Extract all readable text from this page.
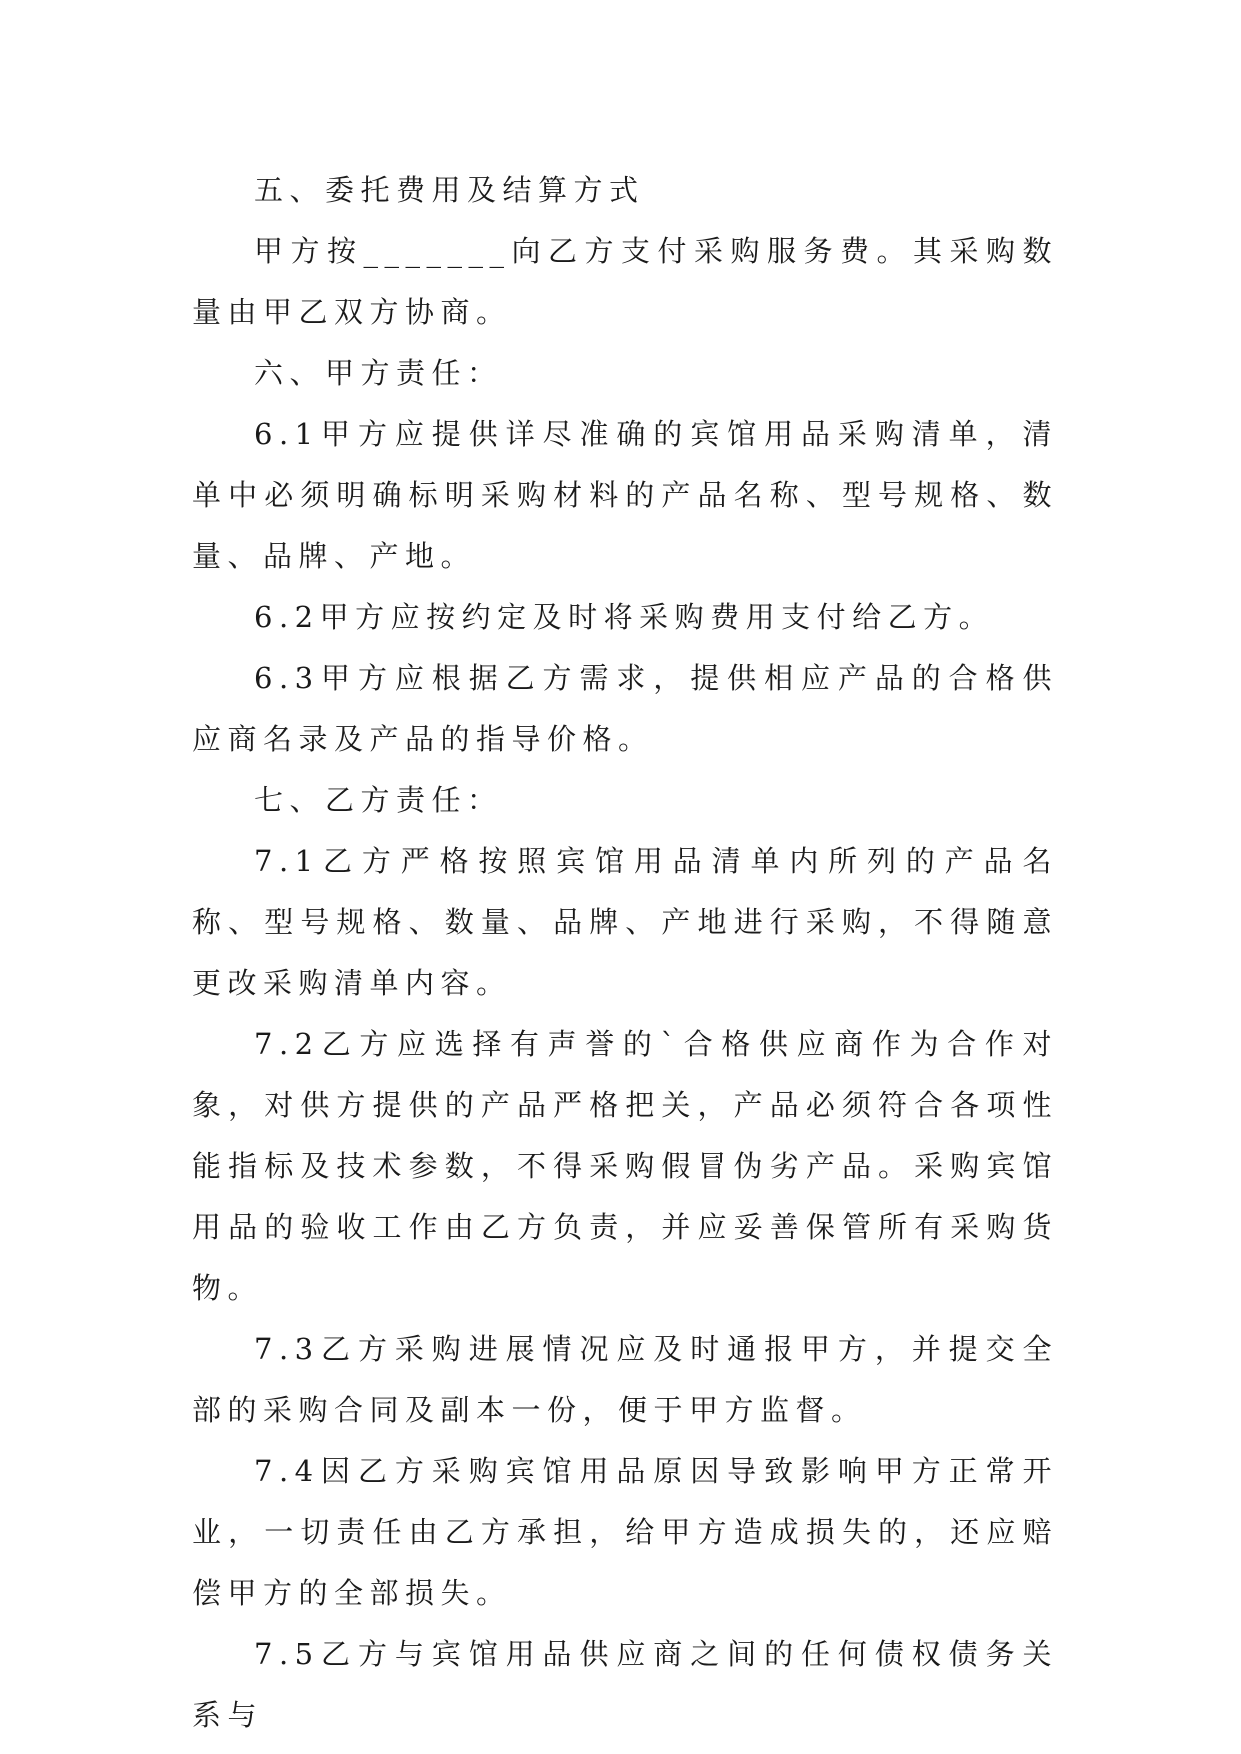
五、委托费用及结算方式

甲方按_______向乙方支付采购服务费。其采购数量由甲乙双方协商。

六、甲方责任：

6.1甲方应提供详尽准确的宾馆用品采购清单，清单中必须明确标明采购材料的产品名称、型号规格、数量、品牌、产地。

6.2甲方应按约定及时将采购费用支付给乙方。

6.3甲方应根据乙方需求，提供相应产品的合格供应商名录及产品的指导价格。

七、乙方责任：

7.1乙方严格按照宾馆用品清单内所列的产品名称、型号规格、数量、品牌、产地进行采购，不得随意更改采购清单内容。

7.2乙方应选择有声誉的`合格供应商作为合作对象，对供方提供的产品严格把关，产品必须符合各项性能指标及技术参数，不得采购假冒伪劣产品。采购宾馆用品的验收工作由乙方负责，并应妥善保管所有采购货物。

7.3乙方采购进展情况应及时通报甲方，并提交全部的采购合同及副本一份，便于甲方监督。

7.4因乙方采购宾馆用品原因导致影响甲方正常开业，一切责任由乙方承担，给甲方造成损失的，还应赔偿甲方的全部损失。

7.5乙方与宾馆用品供应商之间的任何债权债务关系与
